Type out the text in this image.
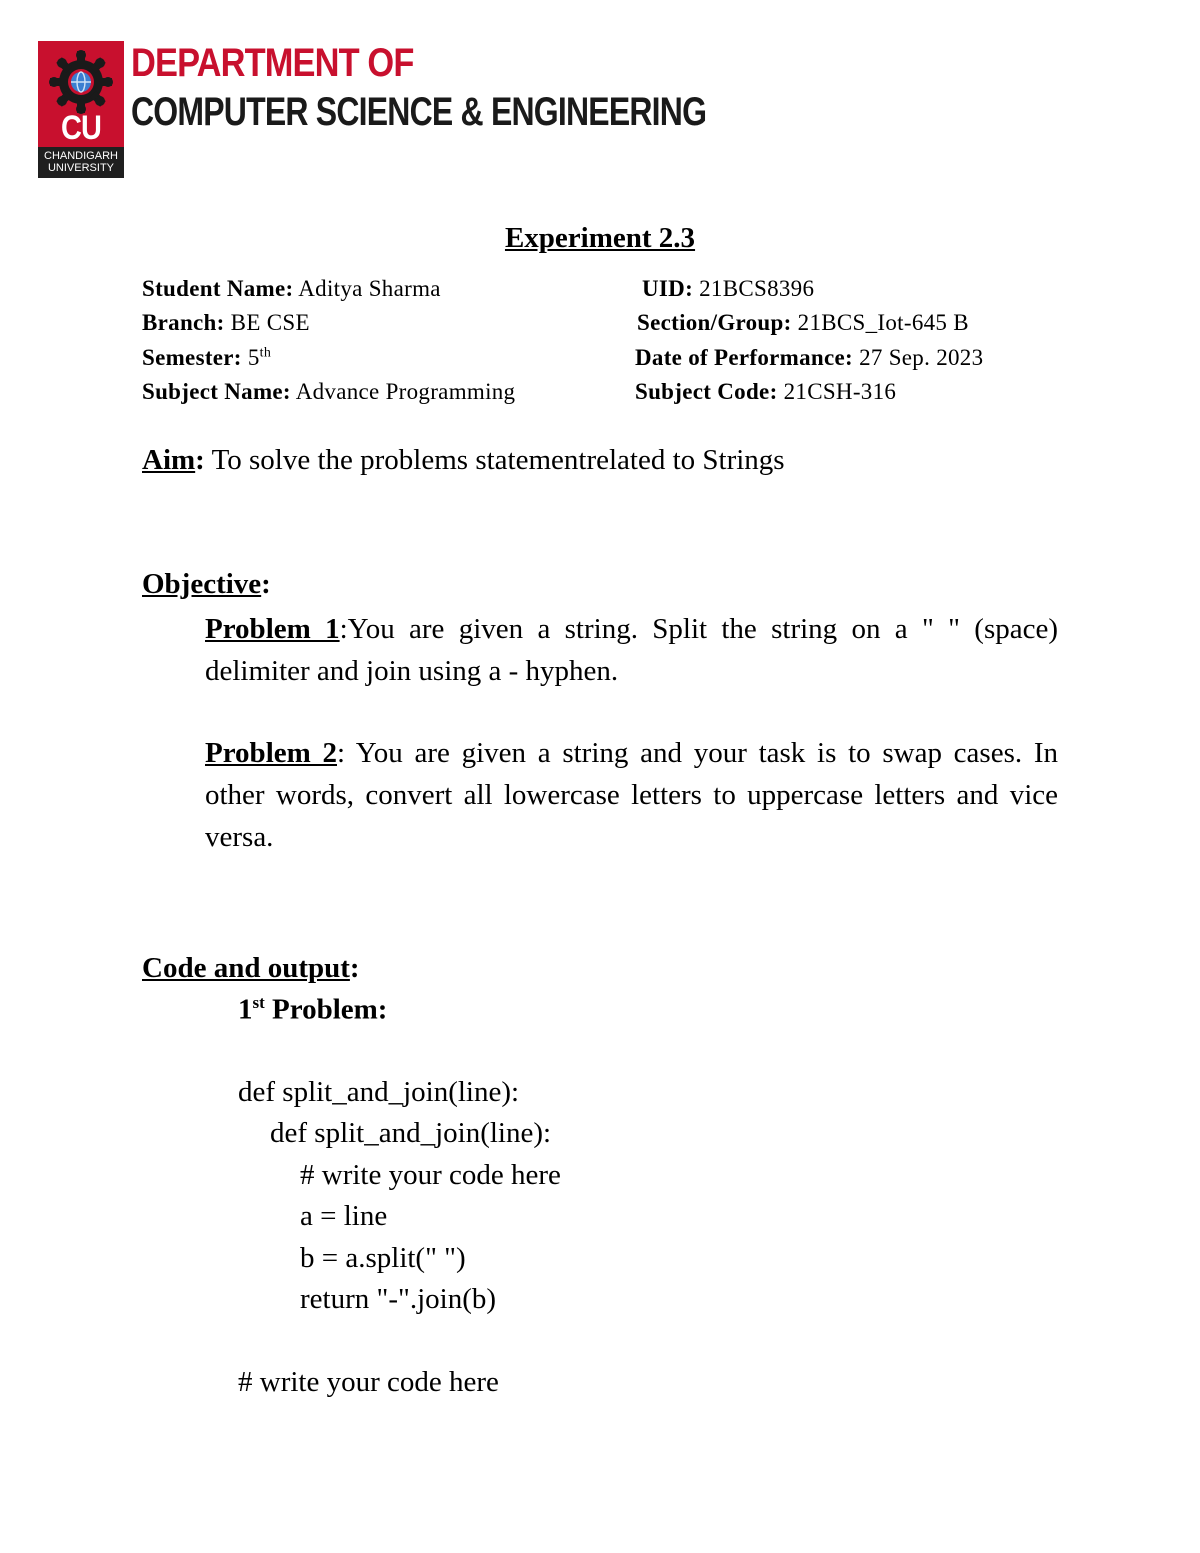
CU
CHANDIGARH
UNIVERSITY
DEPARTMENT OF
COMPUTER SCIENCE & ENGINEERING
Experiment 2.3
Student Name: Aditya Sharma	UID: 21BCS8396
Branch: BE CSE	Section/Group: 21BCS_Iot-645 B
Semester: 5th	Date of Performance: 27 Sep. 2023
Subject Name: Advance Programming	Subject Code: 21CSH-316
Aim: To solve the problems statementrelated to Strings
Objective:
Problem 1:You are given a string. Split the string on a " " (space) delimiter and join using a - hyphen.
Problem 2: You are given a string and your task is to swap cases. In other words, convert all lowercase letters to uppercase letters and vice versa.
Code and output:
1st Problem:
def split_and_join(line):
def split_and_join(line):
# write your code here
a = line
b = a.split(" ")
return "-".join(b)
# write your code here
